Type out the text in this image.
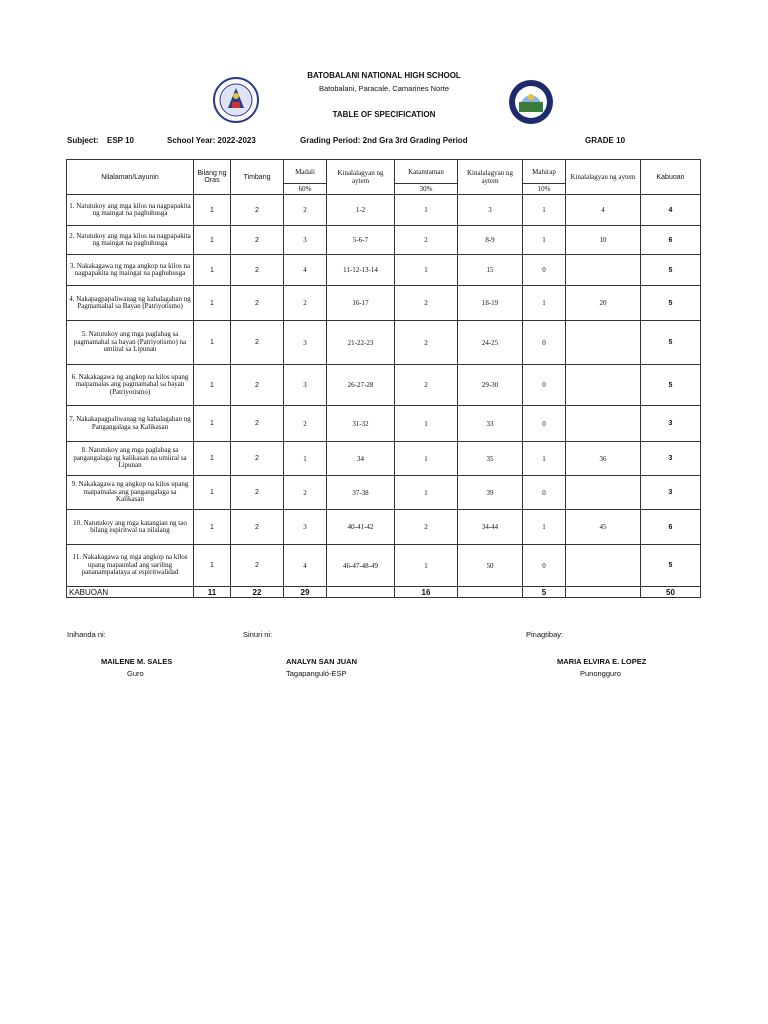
BATOBALANI NATIONAL HIGH SCHOOL
Batobalani, Paracale, Camarines Norte
TABLE OF SPECIFICATION
Subject: ESP 10	School Year: 2022-2023	Grading Period: 2nd Gra 3rd Grading Period	GRADE 10
Nilalaman/Layunin	Bilang ng Oras	Timbang	Madali	Kinalalagyan ng aytem	Katamtaman	Kinalalagyan ng aytem	Mahirap	Kinalalagyan ng aytem	Kabuoan
			60%		30%		10%		
1. Natutukoy ang mga kilos na nagpapakita ng maingat na paghuhusga	1	2	2	1-2	1	3	1	4	4
2. Natutukoy ang mga kilos na nagpapakita ng maingat na paghuhusga	1	2	3	5-6-7	2	8-9	1	10	6
3. Nakakagawa ng mga angkop na kilos na nagpapakita ng maingat na paghuhusga	1	2	4	11-12-13-14	1	15	0		5
4. Nakapagpapaliwanag ng kahalagahan ng Pagmamahal sa Bayan (Patriyotismo)	1	2	2	16-17	2	18-19	1	20	5
5. Natutukoy ang mga paglabag sa pagmamahal sa bayan (Patriyotismo) na umiiral sa Lipunan	1	2	3	21-22-23	2	24-25	0		5
6. Nakakagawa ng angkop na kilos upang maipamalas ang pagmamahal sa bayan (Patriyotismo)	1	2	3	26-27-28	2	29-30	0		5
7. Nakakapagpaliwanag ng kahalagahan ng Pangangalaga sa Kalikasan	1	2	2	31-32	1	33	0		3
8. Natutukoy ang mga paglabag sa pangangalaga ng kalikasan na umiiral sa Lipunan	1	2	1	34	1	35	1	36	3
9. Nakakagawa ng angkop na kilos upang maipamalas ang pangangalaga sa Kalikasan	1	2	2	37-38	1	39	0		3
10. Natutukoy ang mga katangian ng tao bilang espiritwal na nilalang	1	2	3	40-41-42	2	34-44	1	45	6
11. Nakakagawa ng mga angkop na kilos upang mapaunlad ang sariling pananampalataya at espiritwalidad	1	2	4	46-47-48-49	1	50	0		5
KABUOAN	11	22	29		16		5		50
Inihanda ni:	Sinuri ni:	Pinagtibay:
MAILENE M. SALES
Guro
ANALYN SAN JUAN
Tagapanguló-ESP
MARIA ELVIRA E. LOPEZ
Punongguro
